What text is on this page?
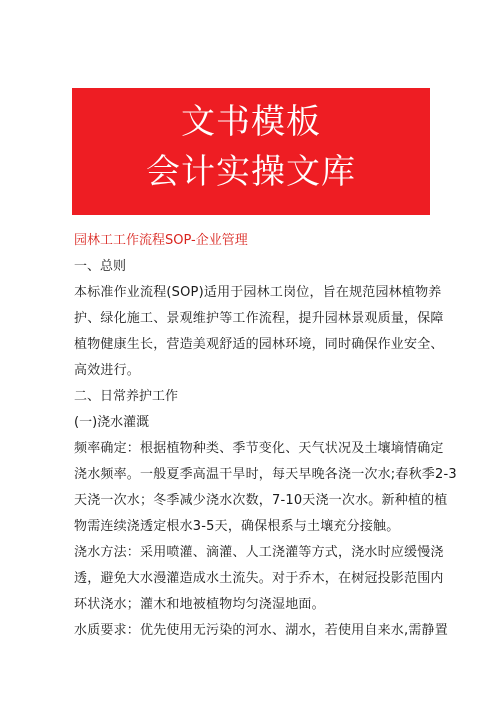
文书模板
会计实操文库

园林工工作流程SOP-企业管理

一、总则

本标准作业流程(SOP)适用于园林工岗位，旨在规范园林植物养
护、绿化施工、景观维护等工作流程，提升园林景观质量，保障
植物健康生长，营造美观舒适的园林环境，同时确保作业安全、
高效进行。

二、日常养护工作

(一)浇水灌溉

频率确定：根据植物种类、季节变化、天气状况及土壤墒情确定
浇水频率。一般夏季高温干旱时，每天早晚各浇一次水;春秋季2-3
天浇一次水；冬季减少浇水次数，7-10天浇一次水。新种植的植
物需连续浇透定根水3-5天，确保根系与土壤充分接触。

浇水方法：采用喷灌、滴灌、人工浇灌等方式，浇水时应缓慢浇
透，避免大水漫灌造成水土流失。对于乔木，在树冠投影范围内
环状浇水；灌木和地被植物均匀浇湿地面。

水质要求：优先使用无污染的河水、湖水，若使用自来水,需静置
